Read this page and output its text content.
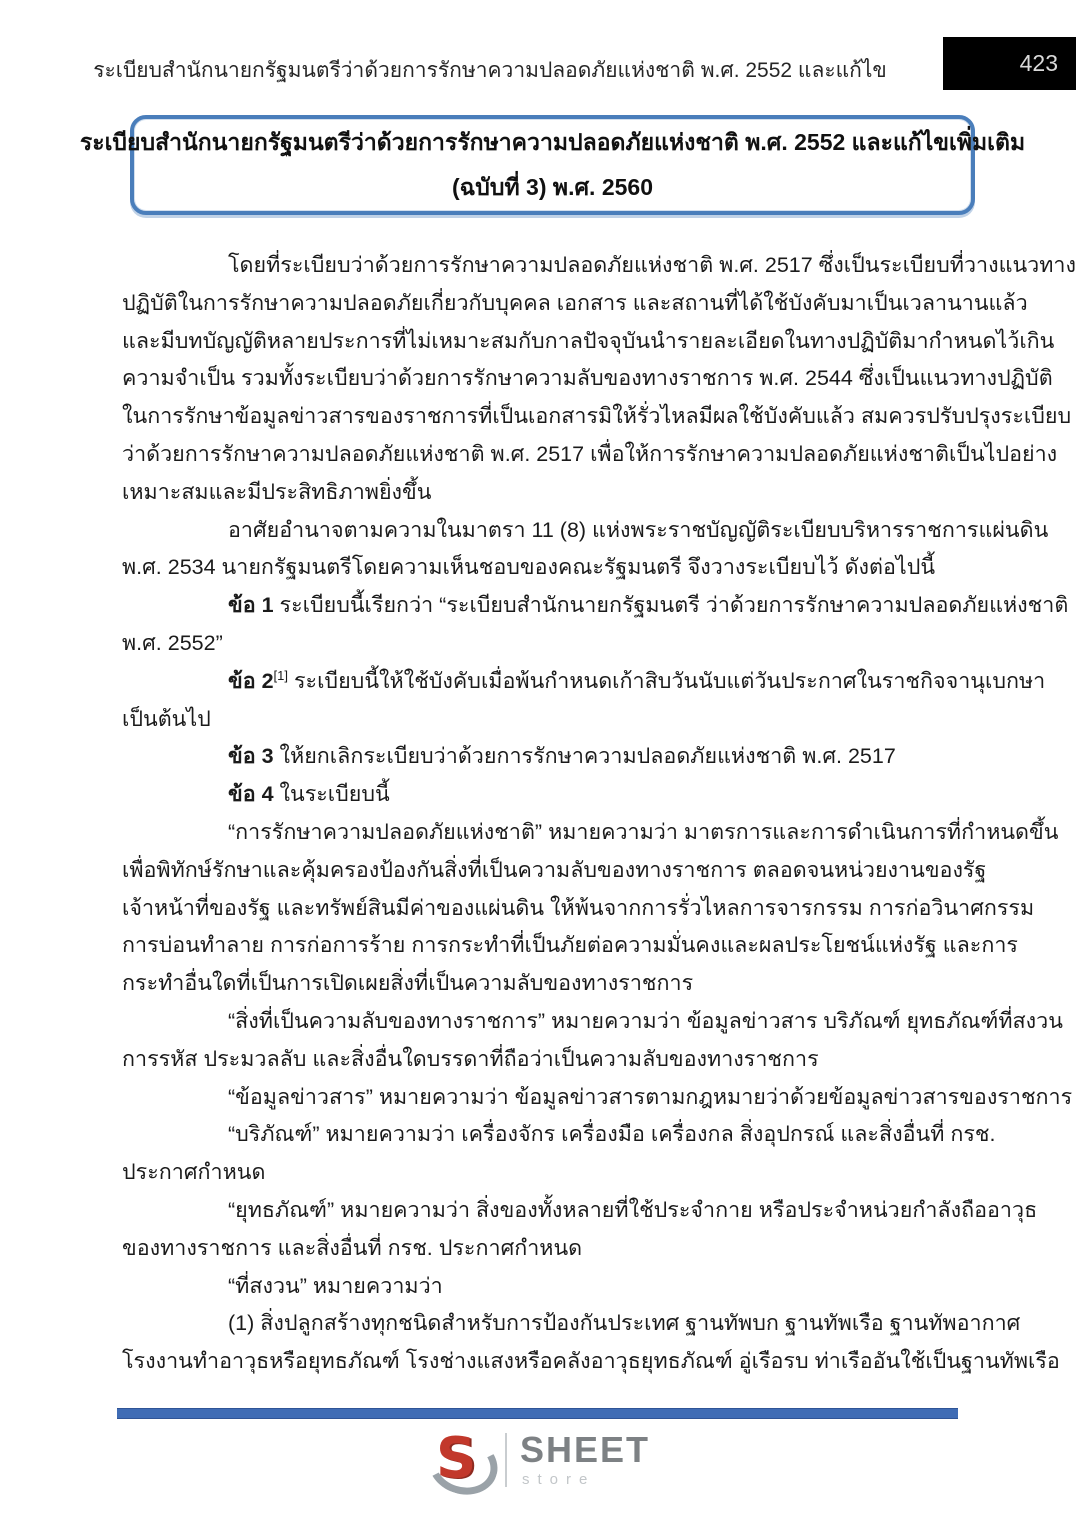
ระเบียบสำนักนายกรัฐมนตรีว่าด้วยการรักษาความปลอดภัยแห่งชาติ พ.ศ. 2552 และแก้ไข	423
ระเบียบสำนักนายกรัฐมนตรีว่าด้วยการรักษาความปลอดภัยแห่งชาติ พ.ศ. 2552 และแก้ไขเพิ่มเติม
(ฉบับที่ 3) พ.ศ. 2560
โดยที่ระเบียบว่าด้วยการรักษาความปลอดภัยแห่งชาติ พ.ศ. 2517 ซึ่งเป็นระเบียบที่วางแนวทาง
ปฏิบัติในการรักษาความปลอดภัยเกี่ยวกับบุคคล เอกสาร และสถานที่ได้ใช้บังคับมาเป็นเวลานานแล้ว
และมีบทบัญญัติหลายประการที่ไม่เหมาะสมกับกาลปัจจุบันนำรายละเอียดในทางปฏิบัติมากำหนดไว้เกิน
ความจำเป็น รวมทั้งระเบียบว่าด้วยการรักษาความลับของทางราชการ พ.ศ. 2544 ซึ่งเป็นแนวทางปฏิบัติ
ในการรักษาข้อมูลข่าวสารของราชการที่เป็นเอกสารมิให้รั่วไหลมีผลใช้บังคับแล้ว สมควรปรับปรุงระเบียบ
ว่าด้วยการรักษาความปลอดภัยแห่งชาติ พ.ศ. 2517 เพื่อให้การรักษาความปลอดภัยแห่งชาติเป็นไปอย่าง
เหมาะสมและมีประสิทธิภาพยิ่งขึ้น
อาศัยอำนาจตามความในมาตรา 11 (8) แห่งพระราชบัญญัติระเบียบบริหารราชการแผ่นดิน
พ.ศ. 2534 นายกรัฐมนตรีโดยความเห็นชอบของคณะรัฐมนตรี จึงวางระเบียบไว้ ดังต่อไปนี้
ข้อ 1 ระเบียบนี้เรียกว่า “ระเบียบสำนักนายกรัฐมนตรี ว่าด้วยการรักษาความปลอดภัยแห่งชาติ
พ.ศ. 2552”
ข้อ 2[1] ระเบียบนี้ให้ใช้บังคับเมื่อพ้นกำหนดเก้าสิบวันนับแต่วันประกาศในราชกิจจานุเบกษา
เป็นต้นไป
ข้อ 3 ให้ยกเลิกระเบียบว่าด้วยการรักษาความปลอดภัยแห่งชาติ พ.ศ. 2517
ข้อ 4 ในระเบียบนี้
“การรักษาความปลอดภัยแห่งชาติ” หมายความว่า มาตรการและการดำเนินการที่กำหนดขึ้น
เพื่อพิทักษ์รักษาและคุ้มครองป้องกันสิ่งที่เป็นความลับของทางราชการ ตลอดจนหน่วยงานของรัฐ
เจ้าหน้าที่ของรัฐ และทรัพย์สินมีค่าของแผ่นดิน ให้พ้นจากการรั่วไหลการจารกรรม การก่อวินาศกรรม
การบ่อนทำลาย การก่อการร้าย การกระทำที่เป็นภัยต่อความมั่นคงและผลประโยชน์แห่งรัฐ และการ
กระทำอื่นใดที่เป็นการเปิดเผยสิ่งที่เป็นความลับของทางราชการ
“สิ่งที่เป็นความลับของทางราชการ” หมายความว่า ข้อมูลข่าวสาร บริภัณฑ์ ยุทธภัณฑ์ที่สงวน
การรหัส ประมวลลับ และสิ่งอื่นใดบรรดาที่ถือว่าเป็นความลับของทางราชการ
“ข้อมูลข่าวสาร” หมายความว่า ข้อมูลข่าวสารตามกฎหมายว่าด้วยข้อมูลข่าวสารของราชการ
“บริภัณฑ์” หมายความว่า เครื่องจักร เครื่องมือ เครื่องกล สิ่งอุปกรณ์ และสิ่งอื่นที่ กรช.
ประกาศกำหนด
“ยุทธภัณฑ์” หมายความว่า สิ่งของทั้งหลายที่ใช้ประจำกาย หรือประจำหน่วยกำลังถืออาวุธ
ของทางราชการ และสิ่งอื่นที่ กรช. ประกาศกำหนด
“ที่สงวน” หมายความว่า
(1) สิ่งปลูกสร้างทุกชนิดสำหรับการป้องกันประเทศ ฐานทัพบก ฐานทัพเรือ ฐานทัพอากาศ
โรงงานทำอาวุธหรือยุทธภัณฑ์ โรงช่างแสงหรือคลังอาวุธยุทธภัณฑ์ อู่เรือรบ ท่าเรืออันใช้เป็นฐานทัพเรือ
S SHEET
store
